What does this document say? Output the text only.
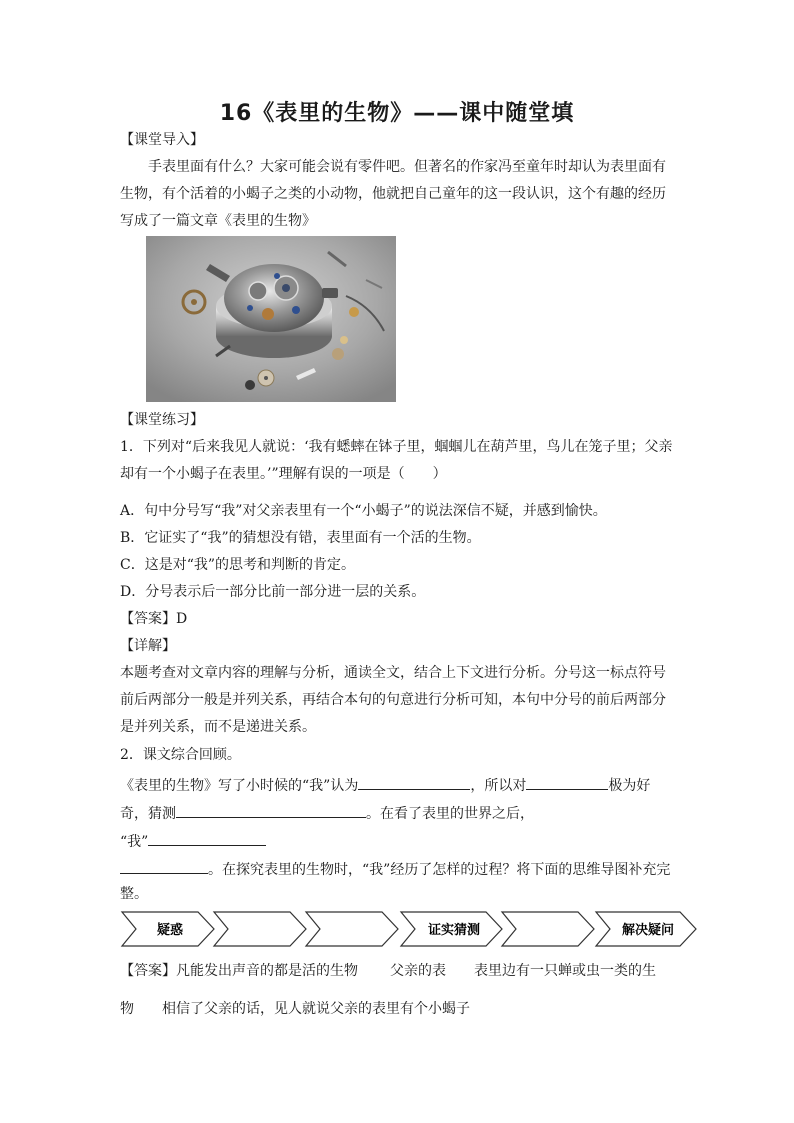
16《表里的生物》——课中随堂填
【课堂导入】
手表里面有什么？大家可能会说有零件吧。但著名的作家冯至童年时却认为表里面有
生物，有个活着的小蝎子之类的小动物，他就把自己童年的这一段认识，这个有趣的经历
写成了一篇文章《表里的生物》
【课堂练习】
1．下列对“后来我见人就说：‘我有蟋蟀在钵子里，蝈蝈儿在葫芦里，鸟儿在笼子里；父亲
却有一个小蝎子在表里。’”理解有误的一项是（　　）
A．句中分号写“我”对父亲表里有一个“小蝎子”的说法深信不疑，并感到愉快。
B．它证实了“我”的猜想没有错，表里面有一个活的生物。
C．这是对“我”的思考和判断的肯定。
D．分号表示后一部分比前一部分进一层的关系。
【答案】D
【详解】
本题考查对文章内容的理解与分析，通读全文，结合上下文进行分析。分号这一标点符号
前后两部分一般是并列关系，再结合本句的句意进行分析可知，本句中分号的前后两部分
是并列关系，而不是递进关系。
2．课文综合回顾。
《表里的生物》写了小时候的“我”认为	，所以对	极为好
奇，猜测	。在看了表里的世界之后，
“我”
。在探究表里的生物时，“我”经历了怎样的过程？将下面的思维导图补充完
整。
疑惑	证实猜测	解决疑问
【答案】凡能发出声音的都是活的生物 父亲的表 表里边有一只蝉或虫一类的生
物 相信了父亲的话，见人就说父亲的表里有个小蝎子
